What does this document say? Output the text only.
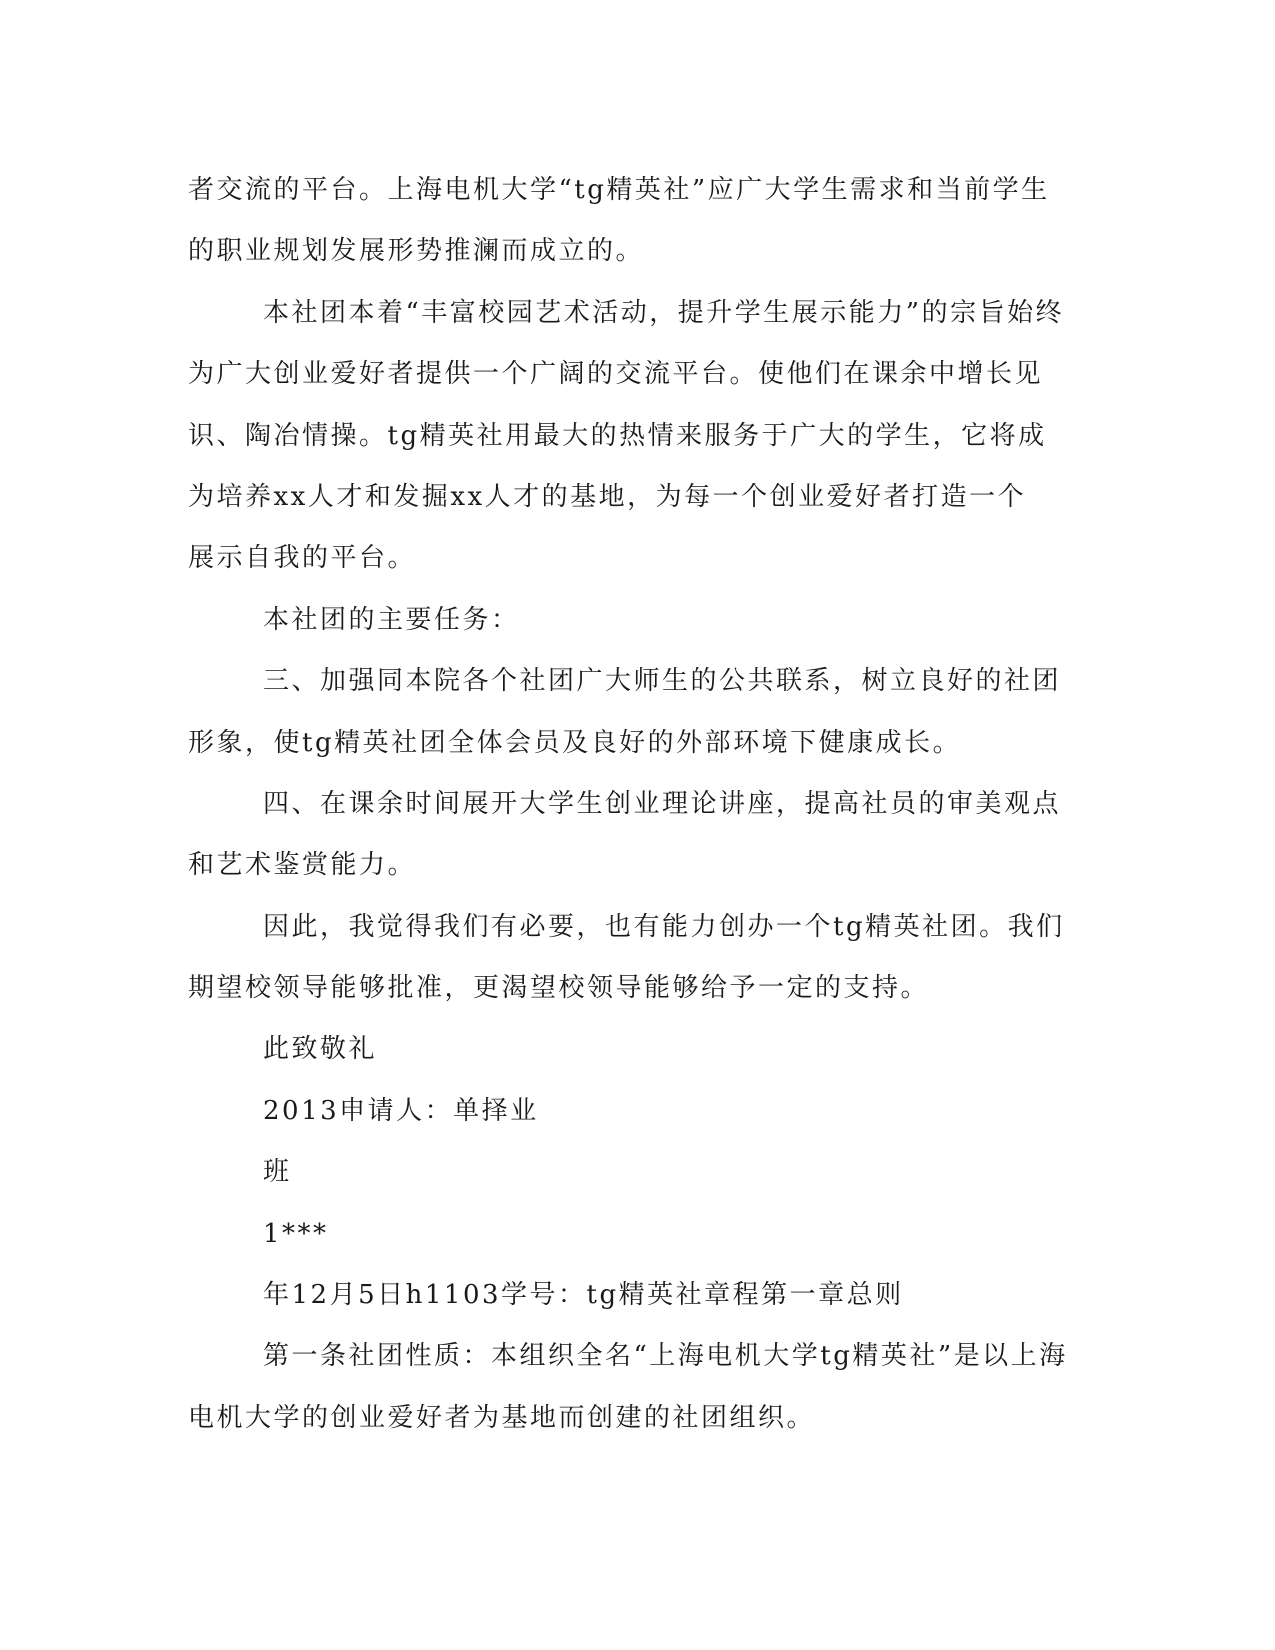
者交流的平台。上海电机大学“tg精英社”应广大学生需求和当前学生

的职业规划发展形势推澜而成立的。

本社团本着“丰富校园艺术活动，提升学生展示能力”的宗旨始终

为广大创业爱好者提供一个广阔的交流平台。使他们在课余中增长见

识、陶冶情操。tg精英社用最大的热情来服务于广大的学生，它将成

为培养xx人才和发掘xx人才的基地，为每一个创业爱好者打造一个

展示自我的平台。

本社团的主要任务：

三、加强同本院各个社团广大师生的公共联系，树立良好的社团

形象，使tg精英社团全体会员及良好的外部环境下健康成长。

四、在课余时间展开大学生创业理论讲座，提高社员的审美观点

和艺术鉴赏能力。

因此，我觉得我们有必要，也有能力创办一个tg精英社团。我们

期望校领导能够批准，更渴望校领导能够给予一定的支持。

此致敬礼

2013申请人：单择业

班

1***

年12月5日h1103学号：tg精英社章程第一章总则

第一条社团性质：本组织全名“上海电机大学tg精英社”是以上海

电机大学的创业爱好者为基地而创建的社团组织。
